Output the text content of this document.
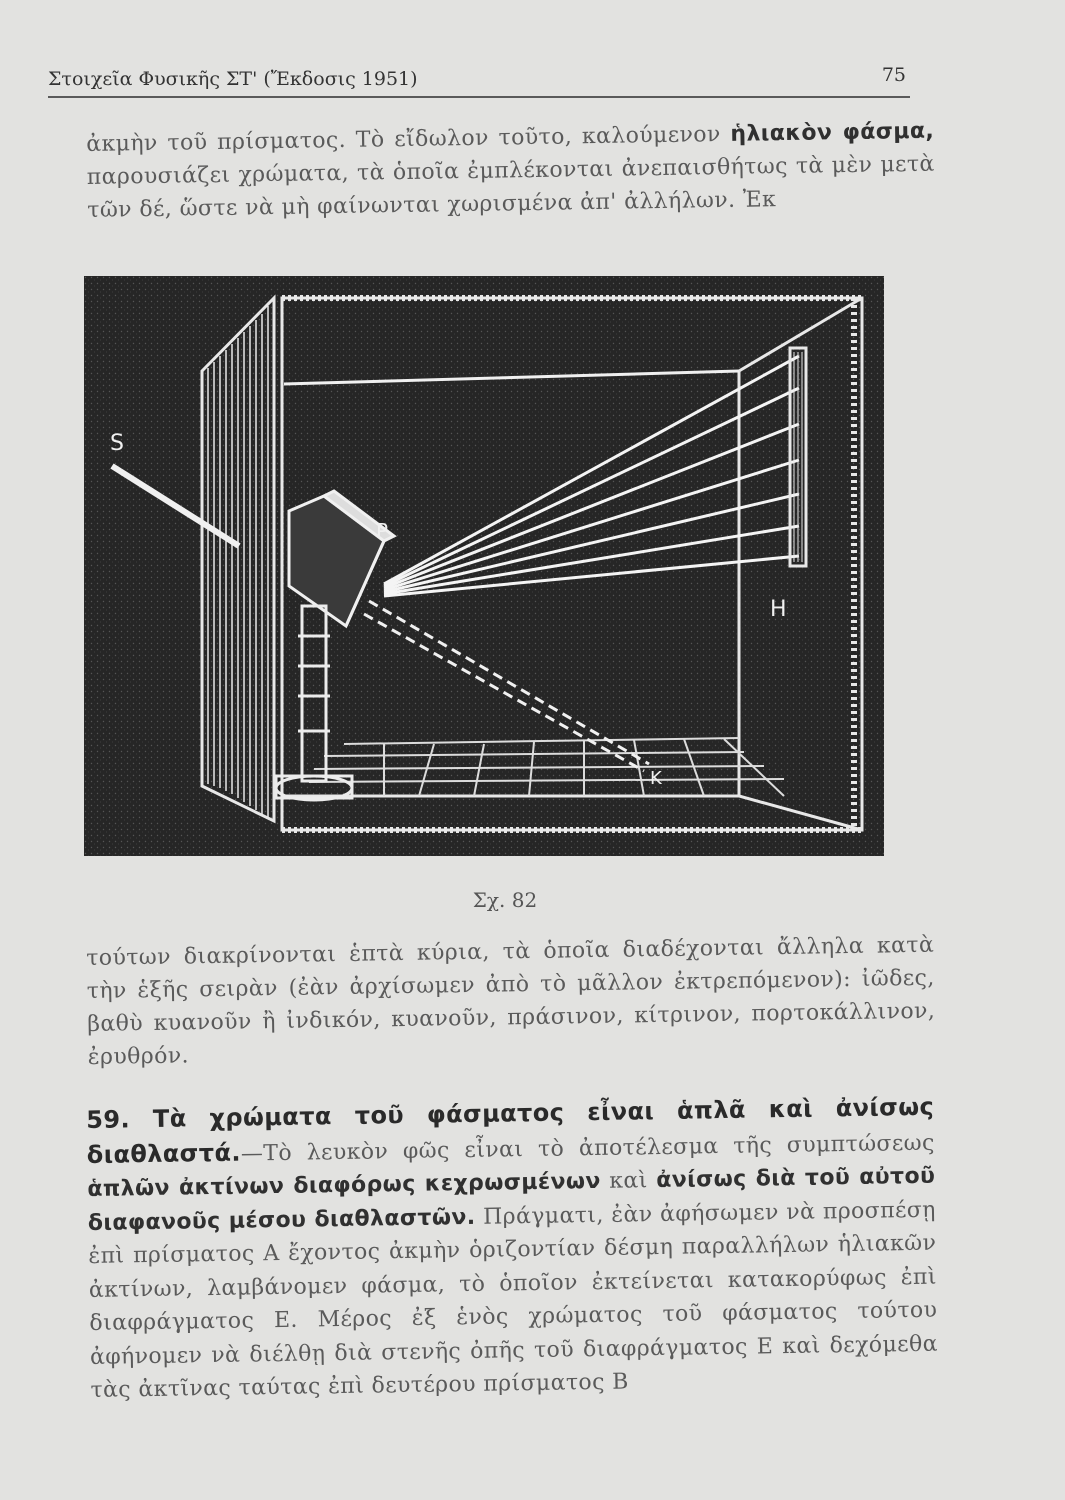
Στοιχεῖα Φυσικῆς ΣΤ' (Ἔκδοσις 1951)	75
ἀκμὴν τοῦ πρίσματος. Τὸ εἴδωλον τοῦτο, καλούμενον ἡλιακὸν φάσμα, παρουσιάζει χρώματα, τὰ ὁποῖα ἐμπλέκονται ἀνεπαισθήτως τὰ μὲν μετὰ τῶν δέ, ὥστε νὰ μὴ φαίνωνται χωρισμένα ἀπ' ἀλλήλων. Ἐκ
S
P
H
K
Σχ. 82
τούτων διακρίνονται ἑπτὰ κύρια, τὰ ὁποῖα διαδέχονται ἄλληλα κατὰ τὴν ἑξῆς σειρὰν (ἐὰν ἀρχίσωμεν ἀπὸ τὸ μᾶλλον ἐκτρεπόμενον): ἰῶδες, βαθὺ κυανοῦν ἢ ἰνδικόν, κυανοῦν, πράσινον, κίτρινον, πορτοκάλλινον, ἐρυθρόν.
59. Τὰ χρώματα τοῦ φάσματος εἶναι ἁπλᾶ καὶ ἀνίσως διαθλαστά.—Τὸ λευκὸν φῶς εἶναι τὸ ἀποτέλεσμα τῆς συμπτώσεως ἁπλῶν ἀκτίνων διαφόρως κεχρωσμένων καὶ ἀνίσως διὰ τοῦ αὐτοῦ διαφανοῦς μέσου διαθλαστῶν. Πράγματι, ἐὰν ἀφήσωμεν νὰ προσπέσῃ ἐπὶ πρίσματος Α ἔχοντος ἀκμὴν ὁριζοντίαν δέσμη παραλλήλων ἡλιακῶν ἀκτίνων, λαμβάνομεν φάσμα, τὸ ὁποῖον ἐκτείνεται κατακορύφως ἐπὶ διαφράγματος Ε. Μέρος ἐξ ἑνὸς χρώματος τοῦ φάσματος τούτου ἀφήνομεν νὰ διέλθῃ διὰ στενῆς ὀπῆς τοῦ διαφράγματος Ε καὶ δεχόμεθα τὰς ἀκτῖνας ταύτας ἐπὶ δευτέρου πρίσματος Β
